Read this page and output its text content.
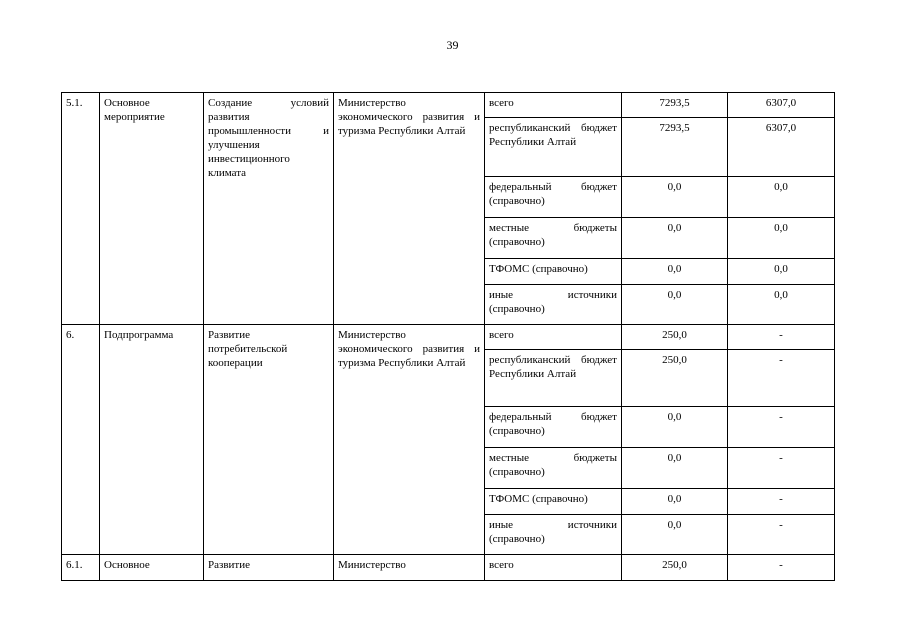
39
5.1.	Основное мероприятие	Создание условий развития промышленности и улучшения инвестиционного климата	Министерство экономического развития и туризма Республики Алтай	всего	7293,5	6307,0
				республиканский бюджет Республики Алтай	7293,5	6307,0
				федеральный бюджет (справочно)	0,0	0,0
				местные бюджеты (справочно)	0,0	0,0
				ТФОМС (справочно)	0,0	0,0
				иные источники (справочно)	0,0	0,0
6.	Подпрограмма	Развитие потребительской кооперации	Министерство экономического развития и туризма Республики Алтай	всего	250,0	-
				республиканский бюджет Республики Алтай	250,0	-
				федеральный бюджет (справочно)	0,0	-
				местные бюджеты (справочно)	0,0	-
				ТФОМС (справочно)	0,0	-
				иные источники (справочно)	0,0	-
6.1.	Основное	Развитие	Министерство	всего	250,0	-
